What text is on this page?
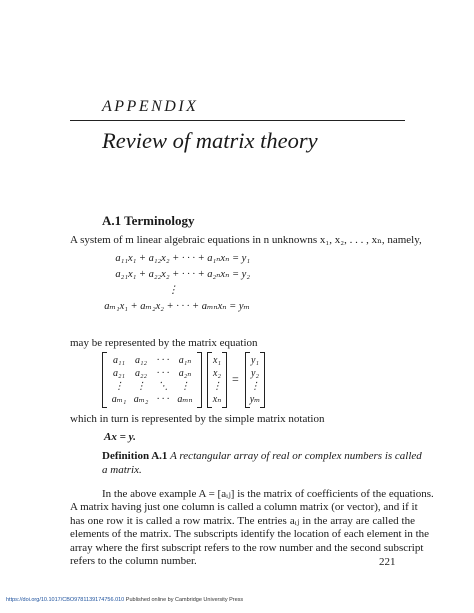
APPENDIX
Review of matrix theory
A.1 Terminology
A system of m linear algebraic equations in n unknowns x₁, x₂, . . . , xₙ, namely,
a₁₁x₁ + a₁₂x₂ + · · · + a₁ₙxₙ = y₁
a₂₁x₁ + a₂₂x₂ + · · · + a₂ₙxₙ = y₂
⋮
aₘ₁x₁ + aₘ₂x₂ + · · · + aₘₙxₙ = yₘ
may be represented by the matrix equation
a₁₁ a₁₂ · · · a₁ₙ
a₂₁ a₂₂ · · · a₂ₙ
⋮ ⋮ ⋱ ⋮
aₘ₁ aₘ₂ · · · aₘₙ
x₁
x₂
⋮
xₙ
=
y₁
y₂
⋮
yₘ
which in turn is represented by the simple matrix notation
Ax = y.
Definition A.1 A rectangular array of real or complex numbers is called a matrix.
In the above example A = [aᵢⱼ] is the matrix of coefficients of the equations.
A matrix having just one column is called a column matrix (or vector), and if it
has one row it is called a row matrix. The entries aᵢⱼ in the array are called the
elements of the matrix. The subscripts identify the location of each element in the
array where the first subscript refers to the row number and the second subscript
refers to the column number.	221
https://doi.org/10.1017/CBO9781139174756.010 Published online by Cambridge University Press
